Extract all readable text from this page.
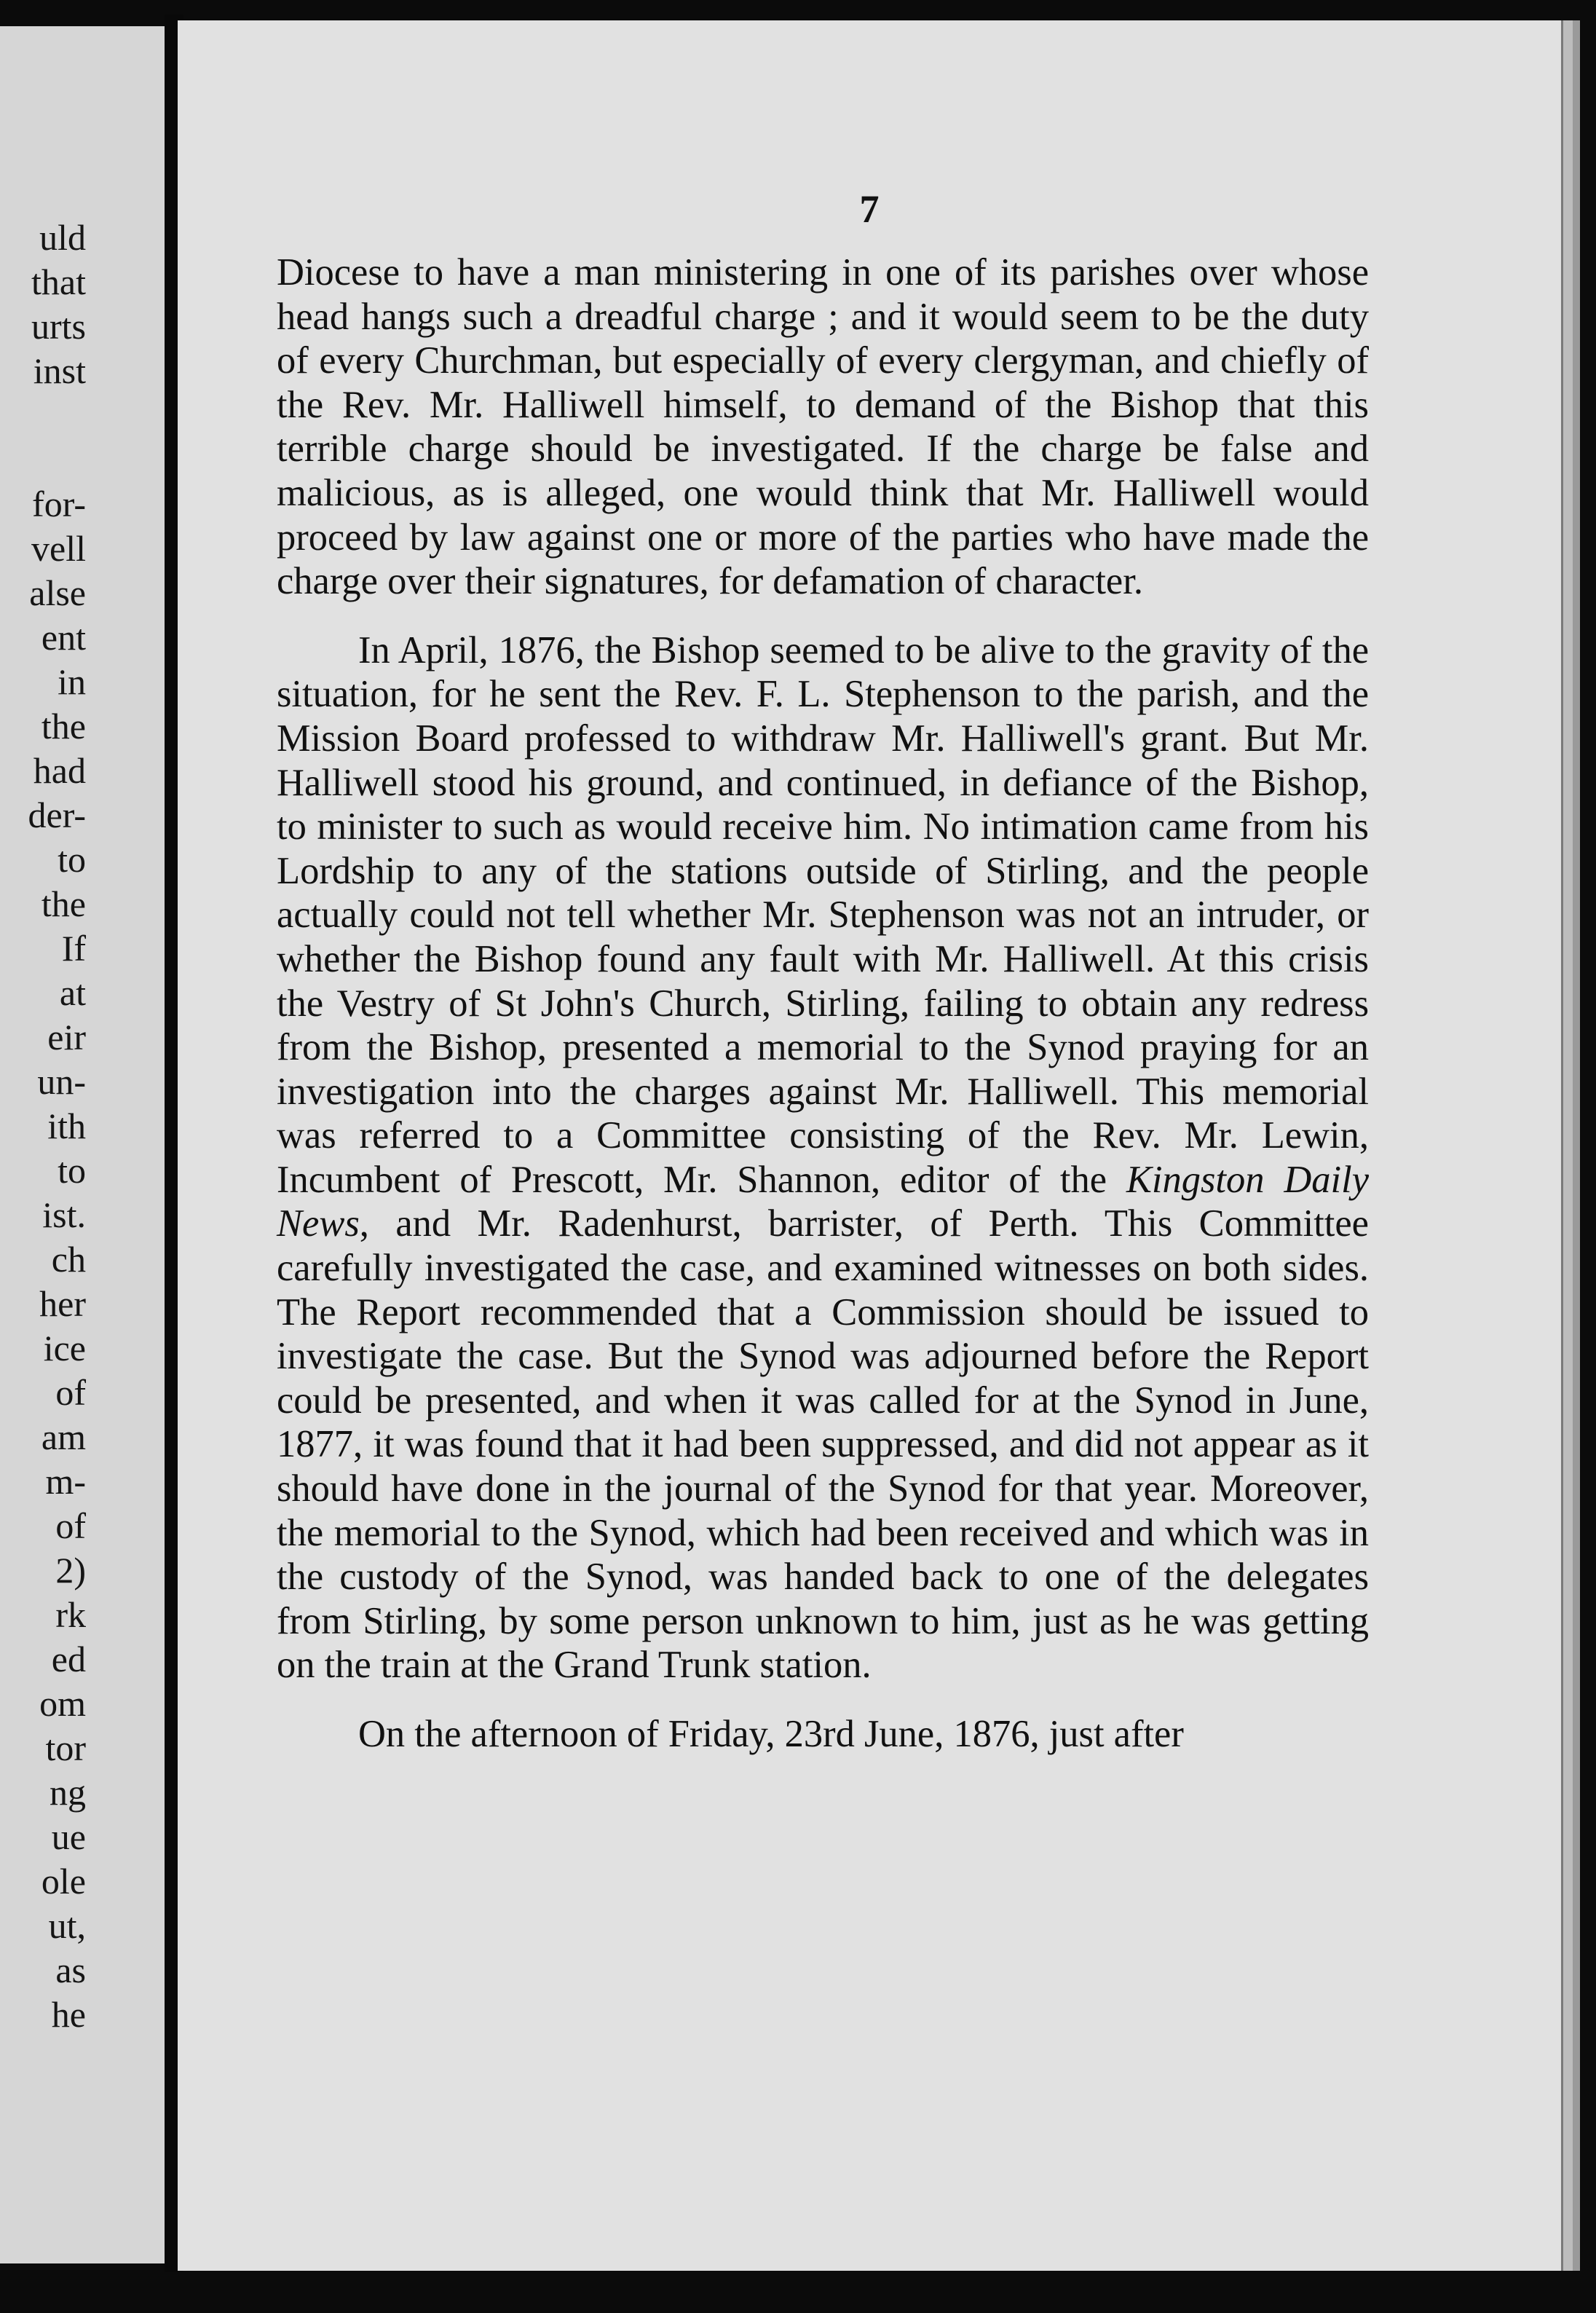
uld
that
urts
inst

for-
vell
alse
ent
in
the
had
der-
to
the
If
at
eir
un-
ith
to
ist.
ch
her
ice
of
am
m-
of
2)
rk
ed
om
tor
ng
ue
ole
ut,
as
he
7

Diocese to have a man ministering in one of its parishes over whose head hangs such a dreadful charge ; and it would seem to be the duty of every Churchman, but especially of every clergyman, and chiefly of the Rev. Mr. Halliwell himself, to demand of the Bishop that this terrible charge should be investigated. If the charge be false and malicious, as is alleged, one would think that Mr. Halliwell would proceed by law against one or more of the parties who have made the charge over their signatures, for defamation of character.

In April, 1876, the Bishop seemed to be alive to the gravity of the situation, for he sent the Rev. F. L. Stephenson to the parish, and the Mission Board professed to withdraw Mr. Halliwell's grant. But Mr. Halliwell stood his ground, and continued, in defiance of the Bishop, to minister to such as would receive him. No intimation came from his Lordship to any of the stations outside of Stirling, and the people actually could not tell whether Mr. Stephenson was not an intruder, or whether the Bishop found any fault with Mr. Halliwell. At this crisis the Vestry of St John's Church, Stirling, failing to obtain any redress from the Bishop, presented a memorial to the Synod praying for an investigation into the charges against Mr. Halliwell. This memorial was referred to a Committee consisting of the Rev. Mr. Lewin, Incumbent of Prescott, Mr. Shannon, editor of the Kingston Daily News, and Mr. Radenhurst, barrister, of Perth. This Committee carefully investigated the case, and examined witnesses on both sides. The Report recommended that a Commission should be issued to investigate the case. But the Synod was adjourned before the Report could be presented, and when it was called for at the Synod in June, 1877, it was found that it had been suppressed, and did not appear as it should have done in the journal of the Synod for that year. Moreover, the memorial to the Synod, which had been received and which was in the custody of the Synod, was handed back to one of the delegates from Stirling, by some person unknown to him, just as he was getting on the train at the Grand Trunk station.

On the afternoon of Friday, 23rd June, 1876, just after
